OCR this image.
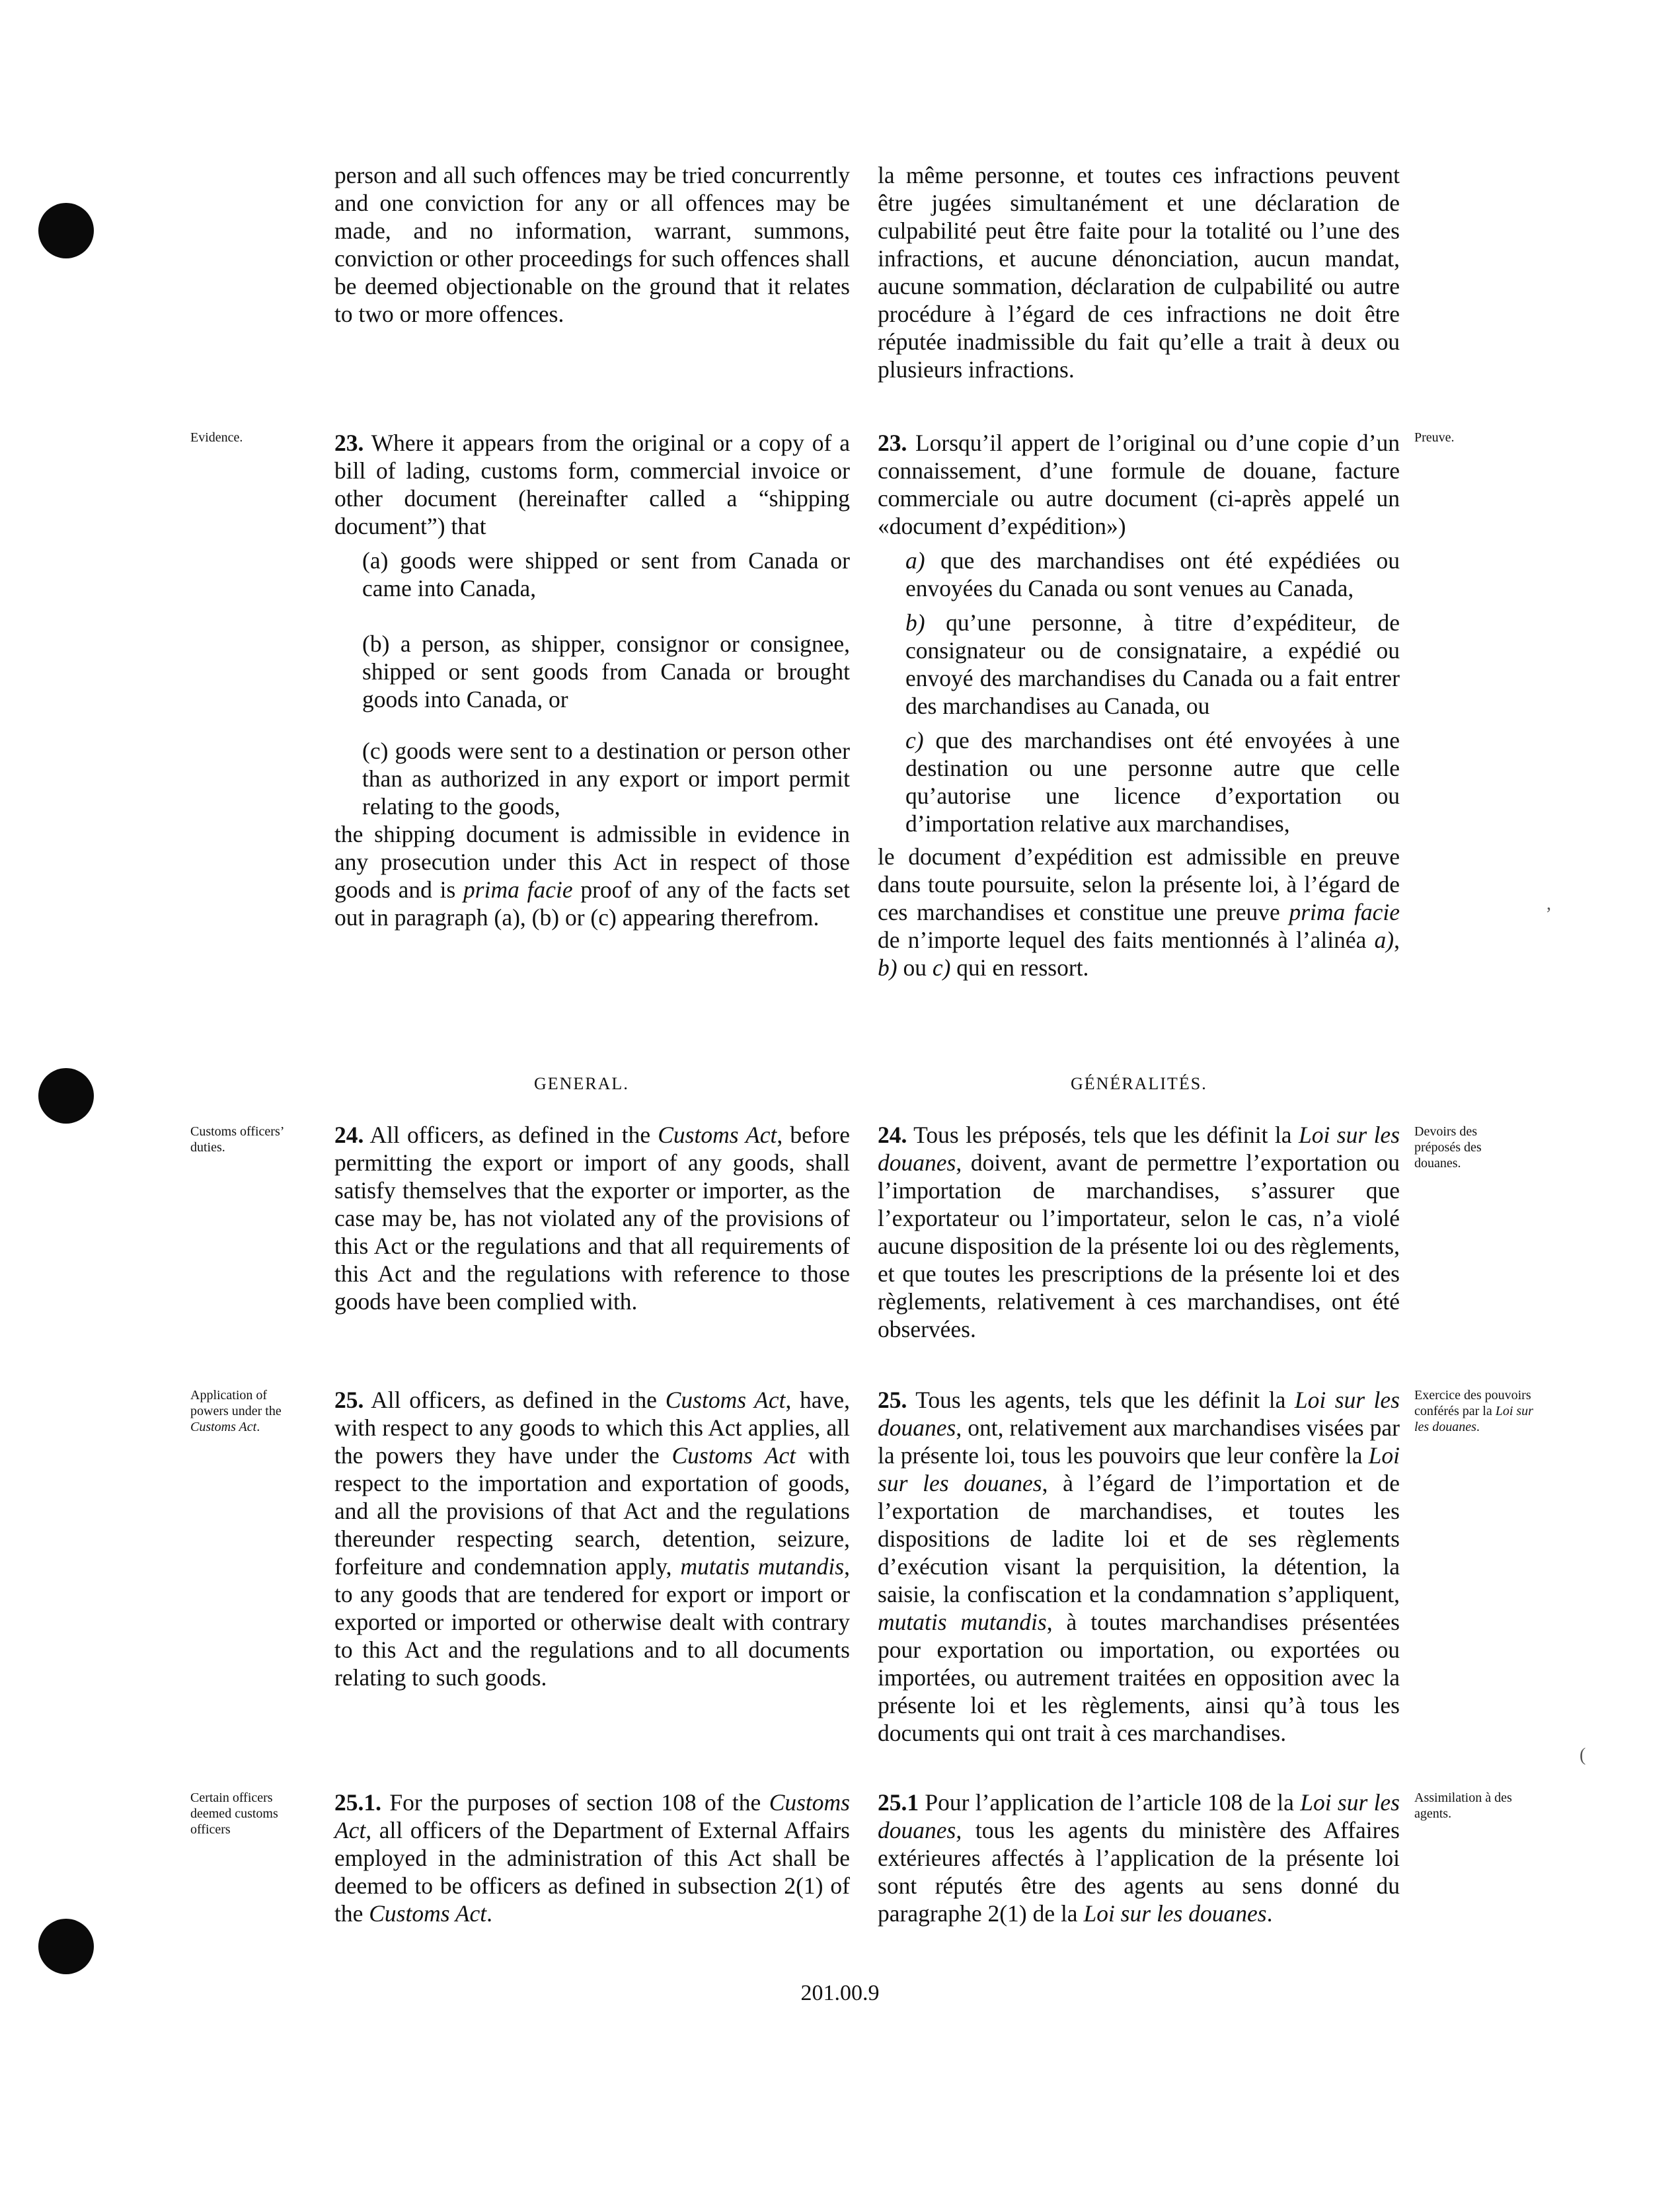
person and all such offences may be tried concurrently and one conviction for any or all offences may be made, and no information, warrant, summons, conviction or other proceedings for such offences shall be deemed objectionable on the ground that it relates to two or more offences.
la même personne, et toutes ces infractions peuvent être jugées simultanément et une déclaration de culpabilité peut être faite pour la totalité ou l’une des infractions, et aucune dénonciation, aucun mandat, aucune sommation, déclaration de culpabilité ou autre procédure à l’égard de ces infractions ne doit être réputée inadmissible du fait qu’elle a trait à deux ou plusieurs infractions.
Evidence.	Preuve.
23. Where it appears from the original or a copy of a bill of lading, customs form, commercial invoice or other document (hereinafter called a “shipping document”) that
(a) goods were shipped or sent from Canada or came into Canada,
(b) a person, as shipper, consignor or consignee, shipped or sent goods from Canada or brought goods into Canada, or
(c) goods were sent to a destination or person other than as authorized in any export or import permit relating to the goods,
the shipping document is admissible in evidence in any prosecution under this Act in respect of those goods and is prima facie proof of any of the facts set out in paragraph (a), (b) or (c) appearing therefrom.
23. Lorsqu’il appert de l’original ou d’une copie d’un connaissement, d’une formule de douane, facture commerciale ou autre document (ci-après appelé un «document d’expédition»)
a) que des marchandises ont été expédiées ou envoyées du Canada ou sont venues au Canada,
b) qu’une personne, à titre d’expéditeur, de consignateur ou de consignataire, a expédié ou envoyé des marchandises du Canada ou a fait entrer des marchandises au Canada, ou
c) que des marchandises ont été envoyées à une destination ou une personne autre que celle qu’autorise une licence d’exportation ou d’importation relative aux marchandises,
le document d’expédition est admissible en preuve dans toute poursuite, selon la présente loi, à l’égard de ces marchandises et constitue une preuve prima facie de n’importe lequel des faits mentionnés à l’alinéa a), b) ou c) qui en ressort.
GENERAL.	GÉNÉRALITÉS.
Customs officers’ duties.
Devoirs des préposés des douanes.
24. All officers, as defined in the Customs Act, before permitting the export or import of any goods, shall satisfy themselves that the exporter or importer, as the case may be, has not violated any of the provisions of this Act or the regulations and that all requirements of this Act and the regulations with reference to those goods have been complied with.
24. Tous les préposés, tels que les définit la Loi sur les douanes, doivent, avant de permettre l’exportation ou l’importation de marchandises, s’assurer que l’exportateur ou l’importateur, selon le cas, n’a violé aucune disposition de la présente loi ou des règlements, et que toutes les prescriptions de la présente loi et des règlements, relativement à ces marchandises, ont été observées.
Application of powers under the Customs Act.
Exercice des pouvoirs conférés par la Loi sur les douanes.
25. All officers, as defined in the Customs Act, have, with respect to any goods to which this Act applies, all the powers they have under the Customs Act with respect to the importation and exportation of goods, and all the provisions of that Act and the regulations thereunder respecting search, detention, seizure, forfeiture and condemnation apply, mutatis mutandis, to any goods that are tendered for export or import or exported or imported or otherwise dealt with contrary to this Act and the regulations and to all documents relating to such goods.
25. Tous les agents, tels que les définit la Loi sur les douanes, ont, relativement aux marchandises visées par la présente loi, tous les pouvoirs que leur confère la Loi sur les douanes, à l’égard de l’importation et de l’exportation de marchandises, et toutes les dispositions de ladite loi et de ses règlements d’exécution visant la perquisition, la détention, la saisie, la confiscation et la condamnation s’appliquent, mutatis mutandis, à toutes marchandises présentées pour exportation ou importation, ou exportées ou importées, ou autrement traitées en opposition avec la présente loi et les règlements, ainsi qu’à tous les documents qui ont trait à ces marchandises.
Certain officers deemed customs officers
Assimilation à des agents.
25.1. For the purposes of section 108 of the Customs Act, all officers of the Department of External Affairs employed in the administration of this Act shall be deemed to be officers as defined in subsection 2(1) of the Customs Act.
25.1 Pour l’application de l’article 108 de la Loi sur les douanes, tous les agents du ministère des Affaires extérieures affectés à l’application de la présente loi sont réputés être des agents au sens donné du paragraphe 2(1) de la Loi sur les douanes.
201.00.9
,
(
